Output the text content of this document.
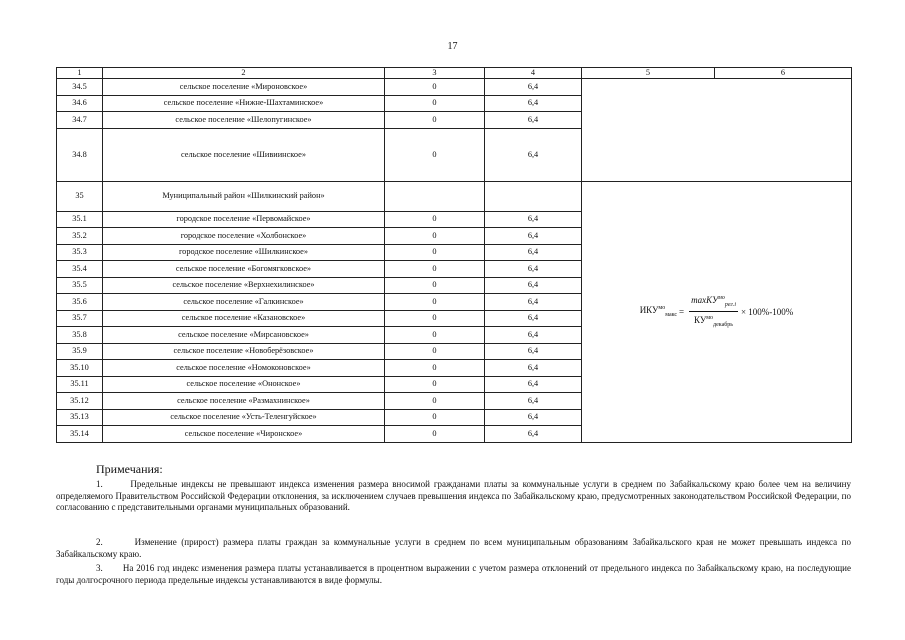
17
1	2	3	4	5	6
34.5	сельское поселение «Мироновское»	0	6,4		
34.6	сельское поселение «Нижне-Шахтаминское»	0	6,4		
34.7	сельское поселение «Шелопугинское»	0	6,4		
34.8	сельское поселение «Шивиинское»	0	6,4		
35	Муниципальный район «Шилкинский район»			$ИКУ^{мо}_{макс} = \frac{\max КУ^{мо}_{рег.i}}{КУ^{мо}_{декабрь}} \times 100\%-100\%$	

35.1	городское поселение «Первомайское»	0	6,4		
35.2	городское поселение «Холбонское»	0	6,4		
35.3	городское поселение «Шилкинское»	0	6,4		
35.4	сельское поселение «Богомягковское»	0	6,4		
35.5	сельское поселение «Верхнехилинское»	0	6,4		
35.6	сельское поселение «Галкинское»	0	6,4		
35.7	сельское поселение «Казановское»	0	6,4		
35.8	сельское поселение «Мирсановское»	0	6,4		
35.9	сельское поселение «Новоберёзовское»	0	6,4		
35.10	сельское поселение «Номоконовское»	0	6,4		
35.11	сельское поселение «Ононское»	0	6,4		
35.12	сельское поселение «Размахнинское»	0	6,4		
35.13	сельское поселение «Усть-Теленгуйское»	0	6,4		
35.14	сельское поселение «Чиронское»	0	6,4		
Примечания:
1.       Предельные индексы не превышают индекса изменения размера вносимой гражданами платы за коммунальные услуги в среднем по Забайкальскому краю более чем на величину определяемого Правительством Российской Федерации отклонения, за исключением случаев превышения индекса по Забайкальскому краю, предусмотренных законодательством Российской Федерации, по согласованию с представительными органами муниципальных образований.
2.       Изменение (прирост) размера платы граждан за коммунальные услуги в среднем по всем муниципальным образованиям Забайкальского края не может превышать индекса по Забайкальскому краю.
3.       На 2016 год индекс изменения размера платы устанавливается в процентном выражении с учетом размера отклонений от предельного индекса по Забайкальскому краю, на последующие годы долгосрочного периода предельные индексы устанавливаются в виде формулы.
